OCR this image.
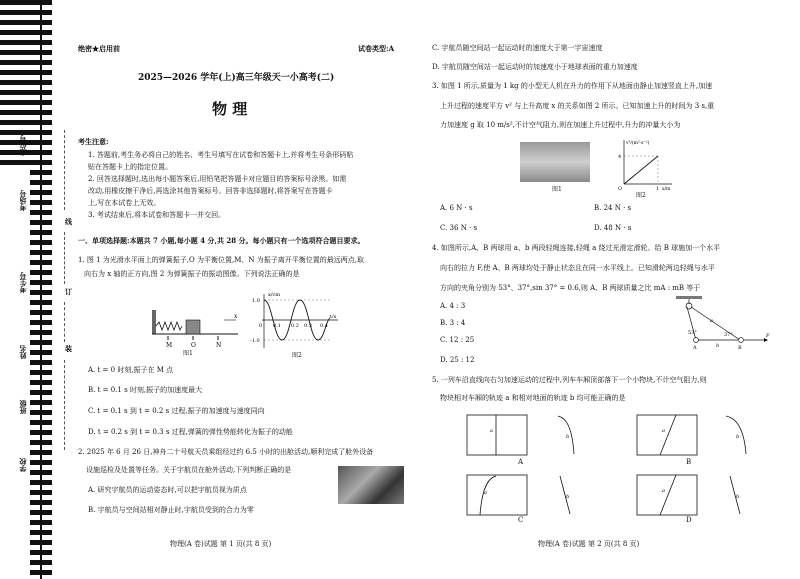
座位号
考场号
考生号
姓名
班级
学校
线
订
装
绝密★启用前	试卷类型:A
2025—2026 学年(上)高三年级天一小高考(二)
物 理
考生注意:
1. 答题前,考生务必将自己的姓名、考生号填写在试卷和答题卡上,并将考生号条形码粘
贴在答题卡上的指定位置。
2. 回答选择题时,选出每小题答案后,用铅笔把答题卡对应题目的答案标号涂黑。如需
改动,用橡皮擦干净后,再选涂其他答案标号。回答非选择题时,将答案写在答题卡
上,写在本试卷上无效。
3. 考试结束后,将本试卷和答题卡一并交回。
一、单项选择题:本题共 7 小题,每小题 4 分,共 28 分。每小题只有一个选项符合题目要求。
1. 图 1 为光滑水平面上的弹簧振子,O 为平衡位置,M、N 为振子离开平衡位置的最远两点,取
向右为 x 轴的正方向,图 2 为弹簧振子的振动图像。下列说法正确的是
M	O	N
x
图1
1.0
-1.0
x/cm
t/s
0 0.1 0.2 0.3 0.4
图2
A. t = 0 时刻,振子在 M 点
B. t = 0.1 s 时刻,振子的加速度最大
C. t = 0.1 s 到 t = 0.2 s 过程,振子的加速度与速度同向
D. t = 0.2 s 到 t = 0.3 s 过程,弹簧的弹性势能转化为振子的动能
2. 2025 年 6 月 26 日,神舟二十号航天员乘组经过约 6.5 小时的出舱活动,顺利完成了舱外设备
设施巡检及处置等任务。关于宇航员在舱外活动,下列判断正确的是
A. 研究宇航员的运动姿态时,可以把宇航员视为质点
B. 宇航员与空间站相对静止时,宇航员受到的合力为零
物理(A 卷)试题 第 1 页(共 8 页)
C. 宇航员随空间站一起运动时的速度大于第一宇宙速度
D. 宇航员随空间站一起运动时的加速度小于地球表面的重力加速度
3. 如图 1 所示,质量为 1 kg 的小型无人机在升力的作用下从地面由静止加速竖直上升,加速
上升过程的速度平方 v² 与上升高度 x 的关系如图 2 所示。已知加速上升的时间为 3 s,重
力加速度 g 取 10 m/s²,不计空气阻力,则在加速上升过程中,升力的冲量大小为
图1
v²/(m²·s⁻²)
4
1 x/m
O
图2
A. 6 N · s	B. 24 N · s
C. 36 N · s	D. 48 N · s
4. 如图所示,A、B 两球用 a、b 两段轻绳连接,轻绳 a 绕过光滑定滑轮。给 B 球施加一个水平
向右的拉力 F,使 A、B 两球均处于静止状态且在同一水平线上。已知滑轮两边轻绳与水平
方向的夹角分别为 53°、37°,sin 37° = 0.6,则 A、B 两球质量之比 mA : mB 等于
A. 4 : 3
B. 3 : 4
C. 12 : 25
D. 25 : 12
53°	37°
a
b
A	B
F
5. 一列车沿直线向右匀加速运动的过程中,列车车厢顶部落下一个小物块,不计空气阻力,则
物块相对车厢的轨迹 a 和相对地面的轨迹 b 均可能正确的是
a
b
A
a
b
B
a
b
C
a
b
D
物理(A 卷)试题 第 2 页(共 8 页)
